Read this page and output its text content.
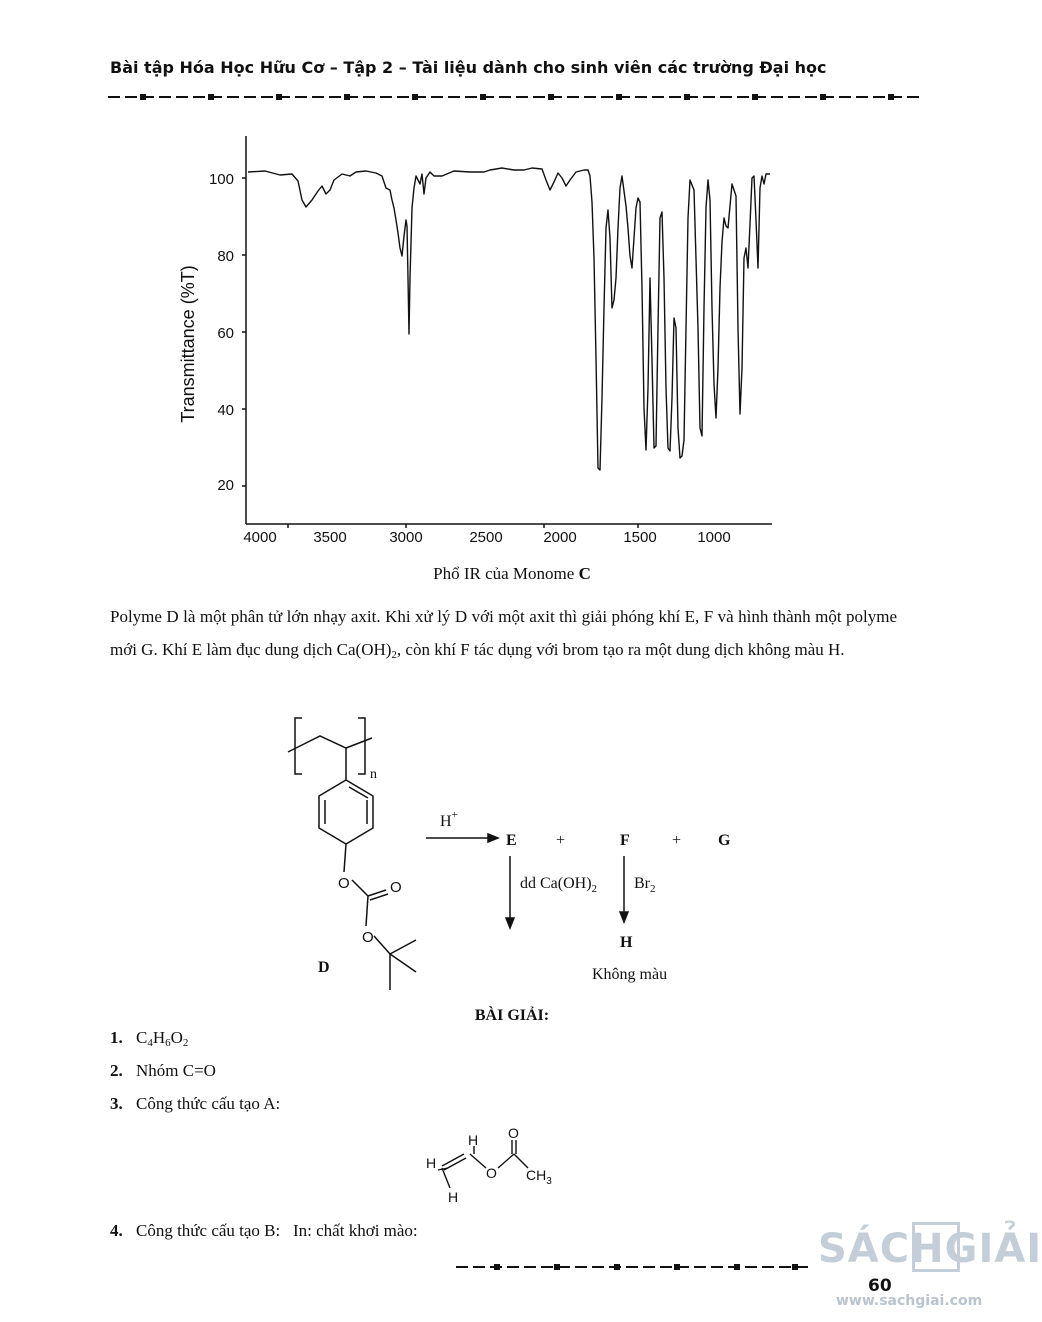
Bài tập Hóa Học Hữu Cơ – Tập 2 – Tài liệu dành cho sinh viên các trường Đại học
100
80
60
40
20
4000 3500	3000	2500	2000	1500	1000
Transmittance (%T)
Phổ IR của Monome C
Polyme D là một phân tử lớn nhạy axit. Khi xử lý D với một axit thì giải phóng khí E, F và hình thành một polyme mới G. Khí E làm đục dung dịch $Ca(OH)_2$, còn khí F tác dụng với brom tạo ra một dung dịch không màu H.
n
O	O
O
D
H+
E +	F	+ G
H
dd $Ca(OH)_2$ $Br_2$
Không màu
BÀI GIẢI:
1. $C_4H_6O_2$
2. Nhóm C=O
3. Công thức cấu tạo A:
H
H
H
O
O
$CH_3$
4. Công thức cấu tạo B: In: chất khơi mào:	SÁCHGIẢI
www.sachgiai.com
60
